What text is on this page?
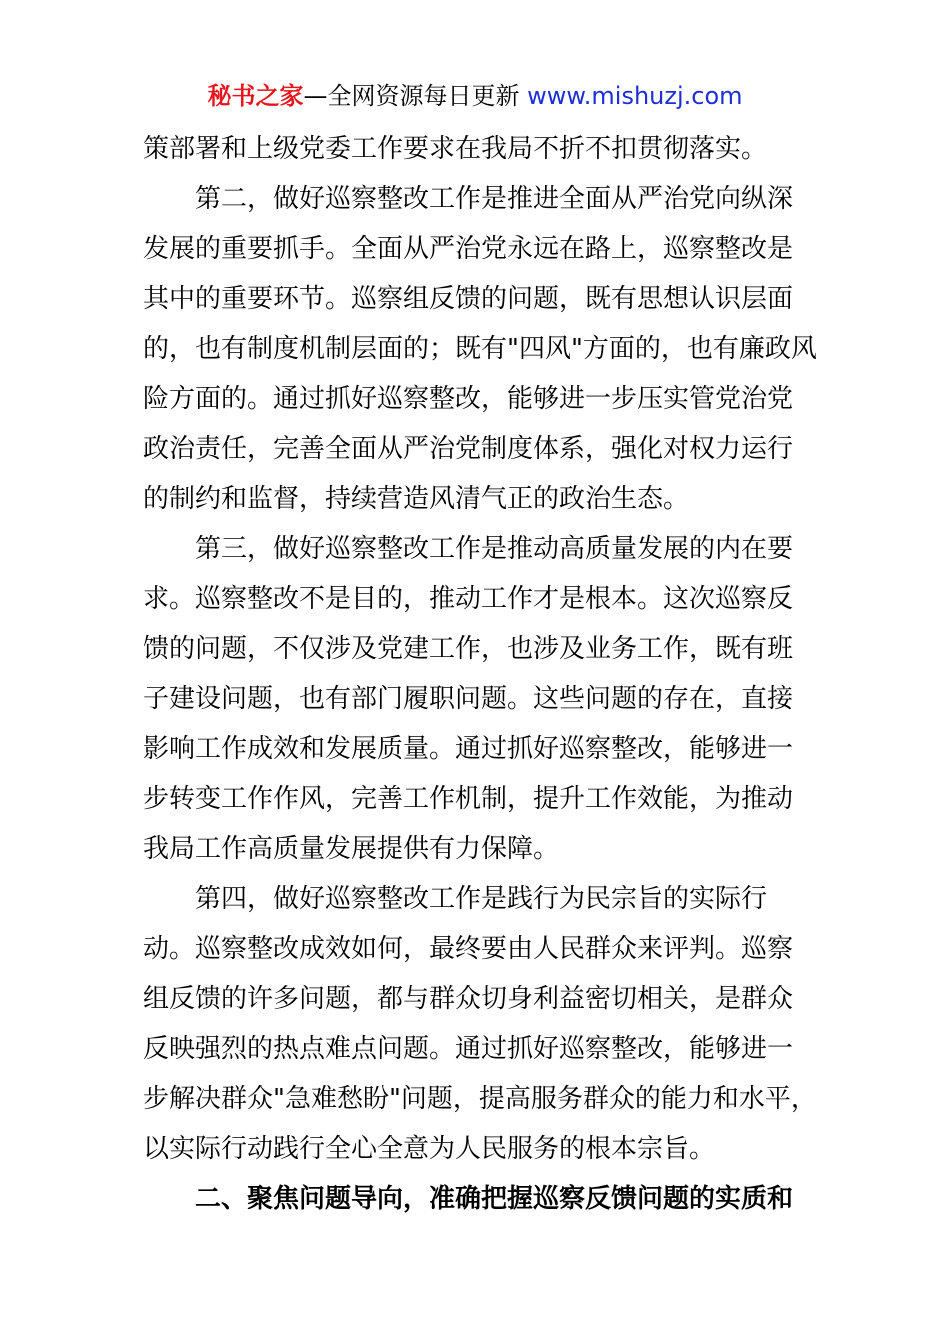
秘书之家—全网资源每日更新 www.mishuzj.com
策部署和上级党委工作要求在我局不折不扣贯彻落实。
第二，做好巡察整改工作是推进全面从严治党向纵深
发展的重要抓手。全面从严治党永远在路上，巡察整改是
其中的重要环节。巡察组反馈的问题，既有思想认识层面
的，也有制度机制层面的；既有"四风"方面的，也有廉政风
险方面的。通过抓好巡察整改，能够进一步压实管党治党
政治责任，完善全面从严治党制度体系，强化对权力运行
的制约和监督，持续营造风清气正的政治生态。
第三，做好巡察整改工作是推动高质量发展的内在要
求。巡察整改不是目的，推动工作才是根本。这次巡察反
馈的问题，不仅涉及党建工作，也涉及业务工作，既有班
子建设问题，也有部门履职问题。这些问题的存在，直接
影响工作成效和发展质量。通过抓好巡察整改，能够进一
步转变工作作风，完善工作机制，提升工作效能，为推动
我局工作高质量发展提供有力保障。
第四，做好巡察整改工作是践行为民宗旨的实际行
动。巡察整改成效如何，最终要由人民群众来评判。巡察
组反馈的许多问题，都与群众切身利益密切相关，是群众
反映强烈的热点难点问题。通过抓好巡察整改，能够进一
步解决群众"急难愁盼"问题，提高服务群众的能力和水平，
以实际行动践行全心全意为人民服务的根本宗旨。
二、聚焦问题导向，准确把握巡察反馈问题的实质和
